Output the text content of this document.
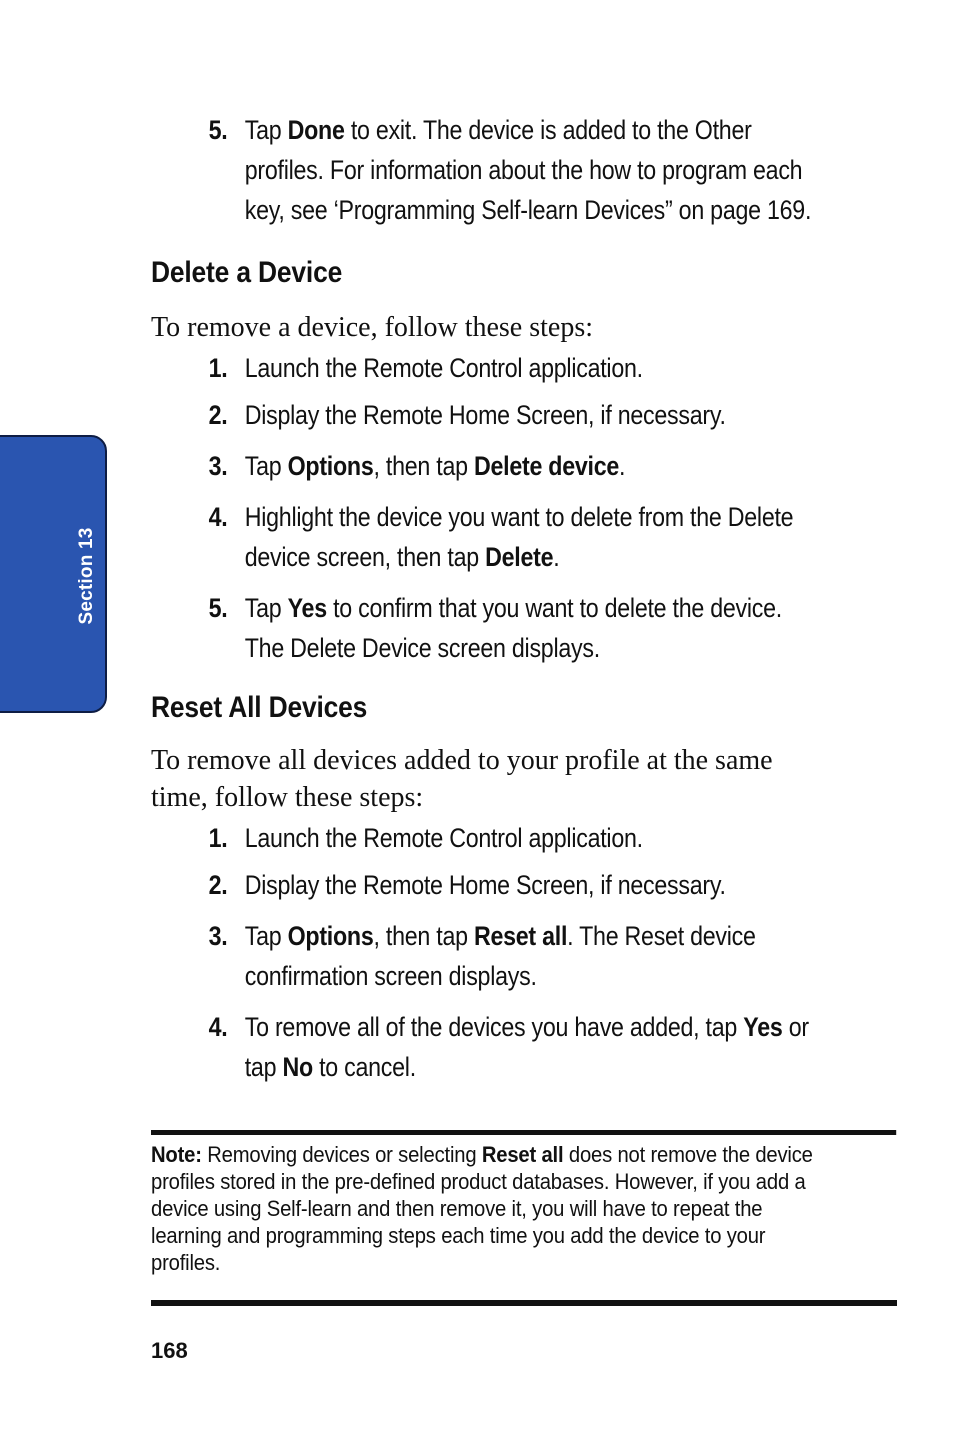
Section 13
5. Tap Done to exit. The device is added to the Other
profiles. For information about the how to program each
key, see ‘Programming Self-learn Devices” on page 169.
Delete a Device

To remove a device, follow these steps:

1. Launch the Remote Control application.
2. Display the Remote Home Screen, if necessary.
3. Tap Options, then tap Delete device.
4. Highlight the device you want to delete from the Delete
device screen, then tap Delete.
5. Tap Yes to confirm that you want to delete the device.
The Delete Device screen displays.
Reset All Devices

To remove all devices added to your profile at the same
time, follow these steps:

1. Launch the Remote Control application.
2. Display the Remote Home Screen, if necessary.
3. Tap Options, then tap Reset all. The Reset device
confirmation screen displays.
4. To remove all of the devices you have added, tap Yes or
tap No to cancel.
Note: Removing devices or selecting Reset all does not remove the device
profiles stored in the pre-defined product databases. However, if you add a
device using Self-learn and then remove it, you will have to repeat the
learning and programming steps each time you add the device to your
profiles.
168
